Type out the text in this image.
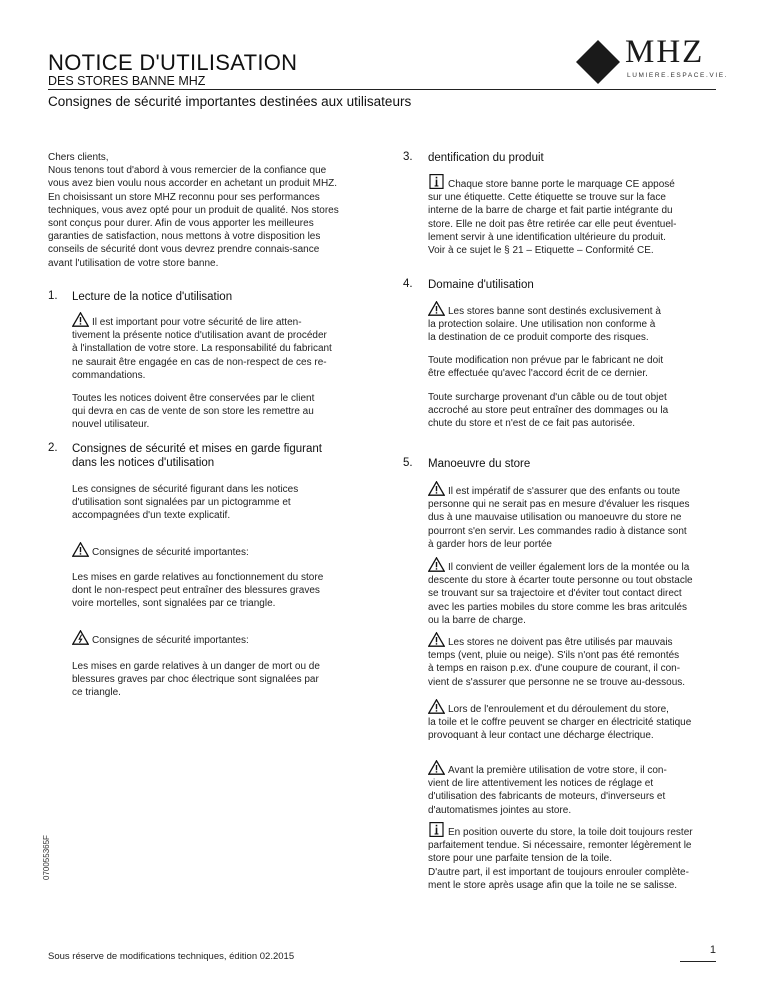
NOTICE D'UTILISATION
DES STORES BANNE MHZ
Consignes de sécurité importantes destinées aux utilisateurs
MHZ
LUMIERE.ESPACE.VIE.
Chers clients,
Nous tenons tout d'abord à vous remercier de la confiance que
vous avez bien voulu nous accorder en achetant un produit MHZ.
En choisissant un store MHZ reconnu pour ses performances
techniques, vous avez opté pour un produit de qualité. Nos stores
sont conçus pour durer. Afin de vous apporter les meilleures
garanties de satisfaction, nous mettons à votre disposition les
conseils de sécurité dont vous devrez prendre connais-sance
avant l'utilisation de votre store banne.
1. Lecture de la notice d'utilisation
Il est important pour votre sécurité de lire atten-
tivement la présente notice d'utilisation avant de procéder
à l'installation de votre store. La responsabilité du fabricant
ne saurait être engagée en cas de non-respect de ces re-
commandations.
Toutes les notices doivent être conservées par le client
qui devra en cas de vente de son store les remettre au
nouvel utilisateur.
2. Consignes de sécurité et mises en garde figurant
dans les notices d'utilisation
Les consignes de sécurité figurant dans les notices
d'utilisation sont signalées par un pictogramme et
accompagnées d'un texte explicatif.
Consignes de sécurité importantes:
Les mises en garde relatives au fonctionnement du store
dont le non-respect peut entraîner des blessures graves
voire mortelles, sont signalées par ce triangle.
Consignes de sécurité importantes:
Les mises en garde relatives à un danger de mort ou de
blessures graves par choc électrique sont signalées par
ce triangle.
3. dentification du produit
Chaque store banne porte le marquage CE apposé
sur une étiquette. Cette étiquette se trouve sur la face
interne de la barre de charge et fait partie intégrante du
store. Elle ne doit pas être retirée car elle peut éventuel-
lement servir à une identification ultérieure du produit.
Voir à ce sujet le § 21 – Etiquette – Conformité CE.
4. Domaine d'utilisation
Les stores banne sont destinés exclusivement à
la protection solaire. Une utilisation non conforme à
la destination de ce produit comporte des risques.
Toute modification non prévue par le fabricant ne doit
être effectuée qu'avec l'accord écrit de ce dernier.
Toute surcharge provenant d'un câble ou de tout objet
accroché au store peut entraîner des dommages ou la
chute du store et n'est de ce fait pas autorisée.
5. Manoeuvre du store
Il est impératif de s'assurer que des enfants ou toute
personne qui ne serait pas en mesure d'évaluer les risques
dus à une mauvaise utilisation ou manoeuvre du store ne
pourront s'en servir. Les commandes radio à distance sont
à garder hors de leur portée
Il convient de veiller également lors de la montée ou la
descente du store à écarter toute personne ou tout obstacle
se trouvant sur sa trajectoire et d'éviter tout contact direct
avec les parties mobiles du store comme les bras aritculés
ou la barre de charge.
Les stores ne doivent pas être utilisés par mauvais
temps (vent, pluie ou neige). S'ils n'ont pas été remontés
à temps en raison p.ex. d'une coupure de courant, il con-
vient de s'assurer que personne ne se trouve au-dessous.
Lors de l'enroulement et du déroulement du store,
la toile et le coffre peuvent se charger en électricité statique
provoquant à leur contact une décharge électrique.
Avant la première utilisation de votre store, il con-
vient de lire attentivement les notices de réglage et
d'utilisation des fabricants de moteurs, d'inverseurs et
d'automatismes jointes au store.
En position ouverte du store, la toile doit toujours rester
parfaitement tendue. Si nécessaire, remonter légèrement le
store pour une parfaite tension de la toile.
D'autre part, il est important de toujours enrouler complète-
ment le store après usage afin que la toile ne se salisse.
070055365F
Sous réserve de modifications techniques, édition 02.2015
1
